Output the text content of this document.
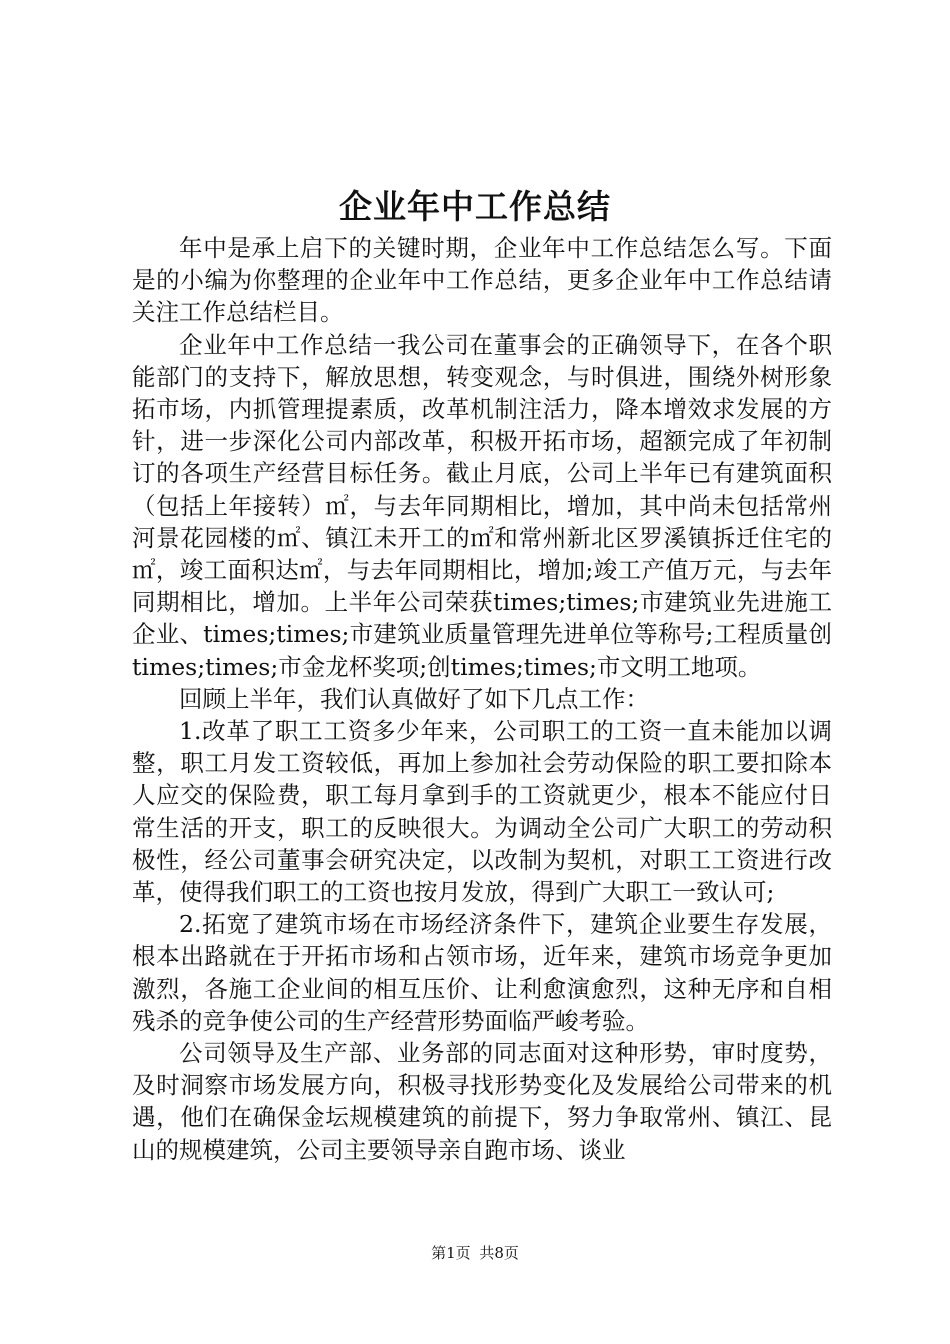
企业年中工作总结

年中是承上启下的关键时期，企业年中工作总结怎么写。下面是的小编为你整理的企业年中工作总结，更多企业年中工作总结请关注工作总结栏目。

企业年中工作总结一我公司在董事会的正确领导下，在各个职能部门的支持下，解放思想，转变观念，与时俱进，围绕外树形象拓市场，内抓管理提素质，改革机制注活力，降本增效求发展的方针，进一步深化公司内部改革，积极开拓市场，超额完成了年初制订的各项生产经营目标任务。截止月底，公司上半年已有建筑面积（包括上年接转）㎡，与去年同期相比，增加，其中尚未包括常州河景花园楼的㎡、镇江未开工的㎡和常州新北区罗溪镇拆迁住宅的㎡，竣工面积达㎡，与去年同期相比，增加;竣工产值万元，与去年同期相比，增加。上半年公司荣获times;times;市建筑业先进施工企业、times;times;市建筑业质量管理先进单位等称号;工程质量创times;times;市金龙杯奖项;创times;times;市文明工地项。

回顾上半年，我们认真做好了如下几点工作：

1.改革了职工工资多少年来，公司职工的工资一直未能加以调整，职工月发工资较低，再加上参加社会劳动保险的职工要扣除本人应交的保险费，职工每月拿到手的工资就更少，根本不能应付日常生活的开支，职工的反映很大。为调动全公司广大职工的劳动积极性，经公司董事会研究决定，以改制为契机，对职工工资进行改革，使得我们职工的工资也按月发放，得到广大职工一致认可;

2.拓宽了建筑市场在市场经济条件下，建筑企业要生存发展，根本出路就在于开拓市场和占领市场，近年来，建筑市场竞争更加激烈，各施工企业间的相互压价、让利愈演愈烈，这种无序和自相残杀的竞争使公司的生产经营形势面临严峻考验。

公司领导及生产部、业务部的同志面对这种形势，审时度势，及时洞察市场发展方向，积极寻找形势变化及发展给公司带来的机遇，他们在确保金坛规模建筑的前提下，努力争取常州、镇江、昆山的规模建筑，公司主要领导亲自跑市场、谈业

第1页 共8页
